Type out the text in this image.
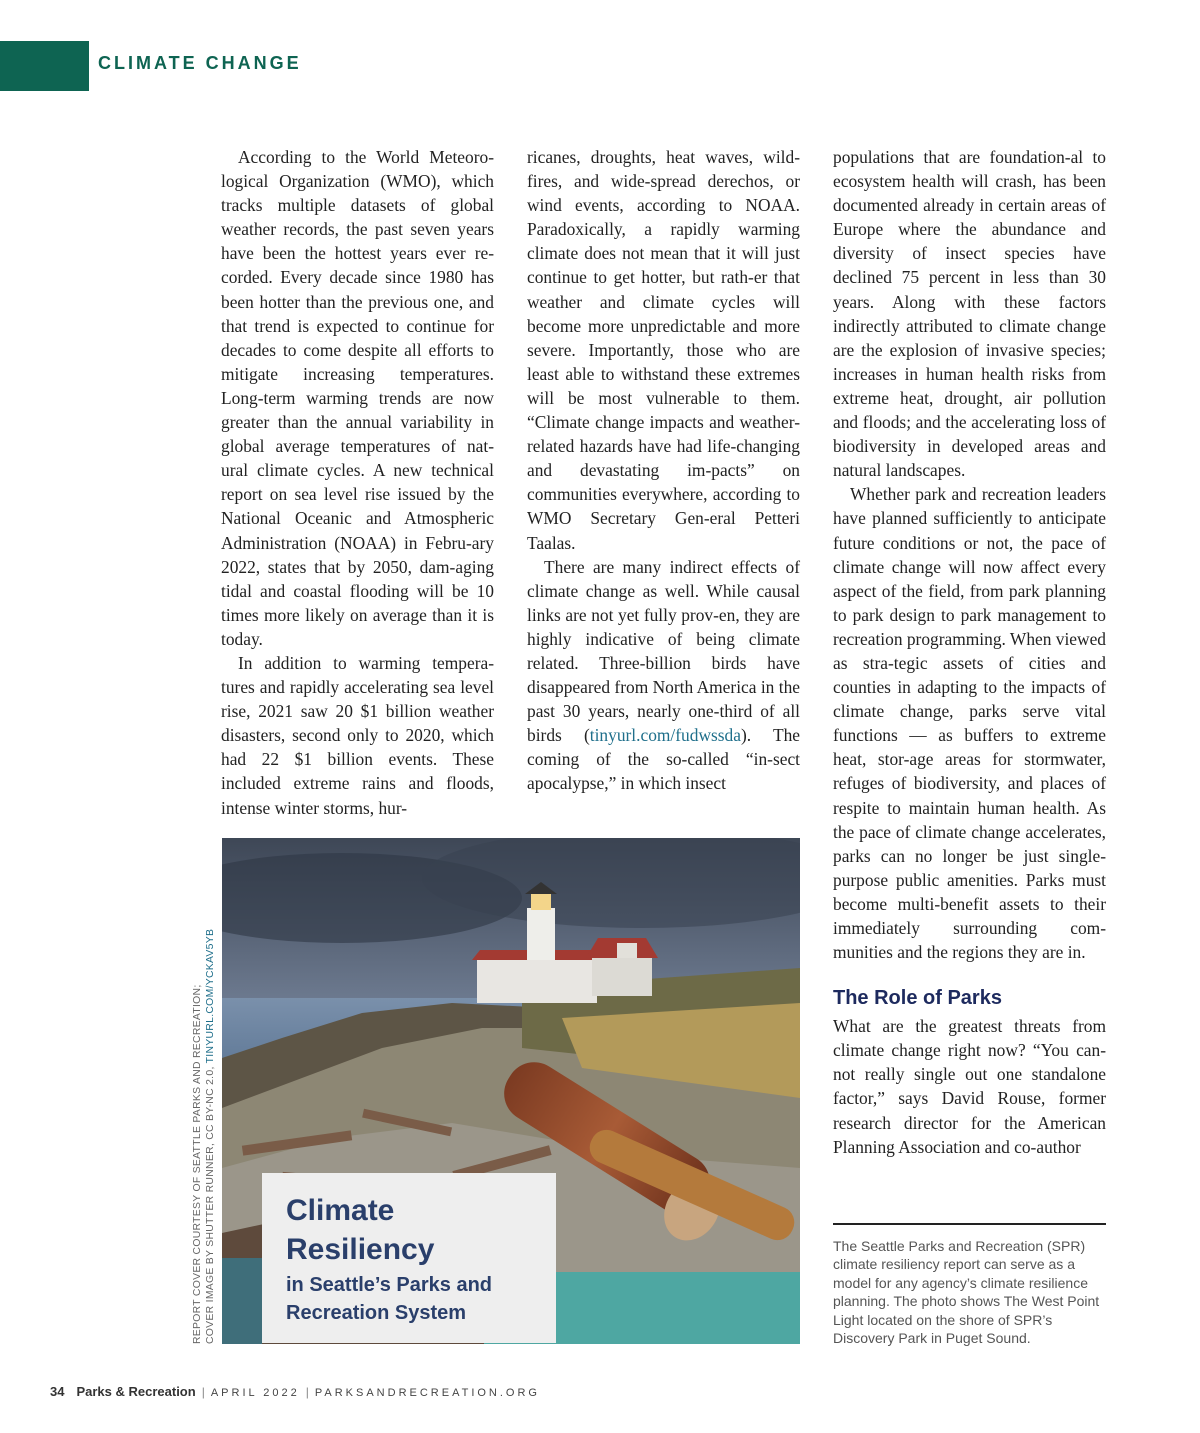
CLIMATE CHANGE

According to the World Meteoro-logical Organization (WMO), which tracks multiple datasets of global weather records, the past seven years have been the hottest years ever re-corded. Every decade since 1980 has been hotter than the previous one, and that trend is expected to continue for decades to come despite all efforts to mitigate increasing temperatures. Long-term warming trends are now greater than the annual variability in global average temperatures of nat-ural climate cycles. A new technical report on sea level rise issued by the National Oceanic and Atmospheric Administration (NOAA) in Febru-ary 2022, states that by 2050, dam-aging tidal and coastal flooding will be 10 times more likely on average than it is today.

In addition to warming tempera-tures and rapidly accelerating sea level rise, 2021 saw 20 $1 billion weather disasters, second only to 2020, which had 22 $1 billion events. These included extreme rains and floods, intense winter storms, hur-

ricanes, droughts, heat waves, wild-fires, and wide-spread derechos, or wind events, according to NOAA. Paradoxically, a rapidly warming climate does not mean that it will just continue to get hotter, but rath-er that weather and climate cycles will become more unpredictable and more severe. Importantly, those who are least able to withstand these extremes will be most vulnerable to them. “Climate change impacts and weather-related hazards have had life-changing and devastating im-pacts” on communities everywhere, according to WMO Secretary Gen-eral Petteri Taalas.

There are many indirect effects of climate change as well. While causal links are not yet fully prov-en, they are highly indicative of being climate related. Three-billion birds have disappeared from North America in the past 30 years, nearly one-third of all birds (tinyurl.com/fudwssda). The coming of the so-called “in-sect apocalypse,” in which insect

populations that are foundation-al to ecosystem health will crash, has been documented already in certain areas of Europe where the abundance and diversity of insect species have declined 75 percent in less than 30 years. Along with these factors indirectly attributed to climate change are the explosion of invasive species; increases in human health risks from extreme heat, drought, air pollution and floods; and the accelerating loss of biodiversity in developed areas and natural landscapes.

Whether park and recreation leaders have planned sufficiently to anticipate future conditions or not, the pace of climate change will now affect every aspect of the field, from park planning to park design to park management to recreation programming. When viewed as stra-tegic assets of cities and counties in adapting to the impacts of climate change, parks serve vital functions — as buffers to extreme heat, stor-age areas for stormwater, refuges of biodiversity, and places of respite to maintain human health. As the pace of climate change accelerates, parks can no longer be just single-purpose public amenities. Parks must become multi-benefit assets to their immediately surrounding com-munities and the regions they are in.

The Role of Parks

What are the greatest threats from climate change right now? “You can-not really single out one standalone factor,” says David Rouse, former research director for the American Planning Association and co-author

Climate
Resiliency
in Seattle’s Parks and
Recreation System
REPORT COVER COURTESY OF SEATTLE PARKS AND RECREATION; COVER IMAGE BY SHUTTER RUNNER, CC BY-NC 2.0, TINYURL.COM/YCKAV5YB
The Seattle Parks and Recreation (SPR) climate resiliency report can serve as a model for any agency’s climate resilience planning. The photo shows The West Point Light located on the shore of SPR’s Discovery Park in Puget Sound.
34 Parks & Recreation | APRIL 2022 | PARKSANDRECREATION.ORG
